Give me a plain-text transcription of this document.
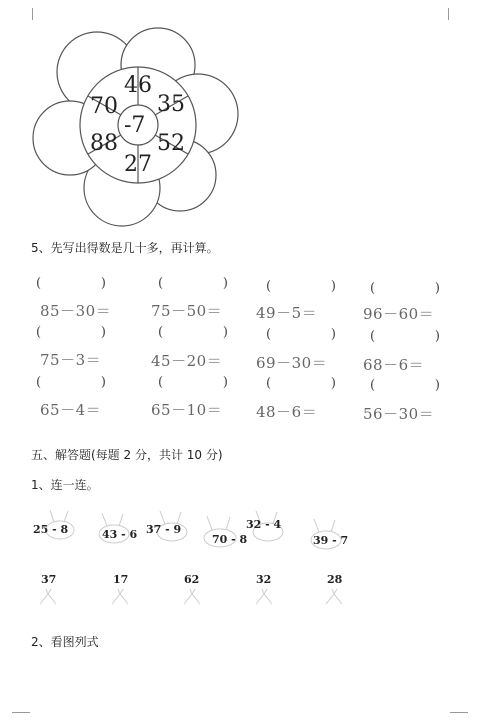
-7
46
35
52
27
88
70
5、先写出得数是几十多，再计算。
(	)	(	)	(	)	(	)
85－30＝	75－50＝ 49－5＝	96－60＝
(	)	(	)	(	)	(	)
75－3＝	45－20＝ 69－30＝ 68－6＝
(	)	(	)	(	)	(	)
65－4＝	65－10＝ 48－6＝	56－30＝
五、解答题(每题 2 分，共计 10 分)
1、连一连。
25 - 8	43 - 6 37 - 9
70 - 8
32 - 4
39 - 7
37	17	62	32	28
2、看图列式
